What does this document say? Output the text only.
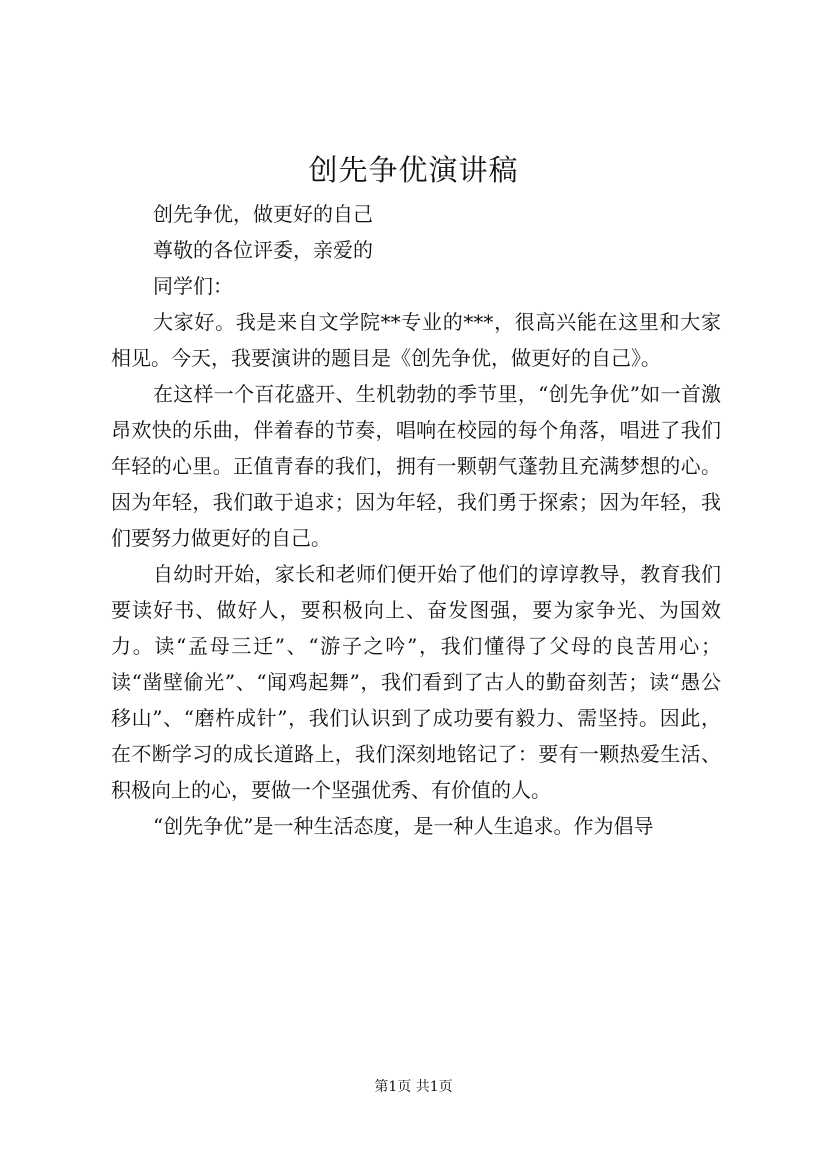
创先争优演讲稿

创先争优，做更好的自己

尊敬的各位评委，亲爱的

同学们：

大家好。我是来自文学院**专业的***，很高兴能在这里和大家相见。今天，我要演讲的题目是《创先争优，做更好的自己》。

在这样一个百花盛开、生机勃勃的季节里，“创先争优”如一首激昂欢快的乐曲，伴着春的节奏，唱响在校园的每个角落，唱进了我们年轻的心里。正值青春的我们，拥有一颗朝气蓬勃且充满梦想的心。因为年轻，我们敢于追求；因为年轻，我们勇于探索；因为年轻，我们要努力做更好的自己。

自幼时开始，家长和老师们便开始了他们的谆谆教导，教育我们要读好书、做好人，要积极向上、奋发图强，要为家争光、为国效力。读“孟母三迁”、“游子之吟”，我们懂得了父母的良苦用心；读“凿壁偷光”、“闻鸡起舞”，我们看到了古人的勤奋刻苦；读“愚公移山”、“磨杵成针”，我们认识到了成功要有毅力、需坚持。因此，在不断学习的成长道路上，我们深刻地铭记了：要有一颗热爱生活、积极向上的心，要做一个坚强优秀、有价值的人。

“创先争优”是一种生活态度，是一种人生追求。作为倡导

第1页 共1页
